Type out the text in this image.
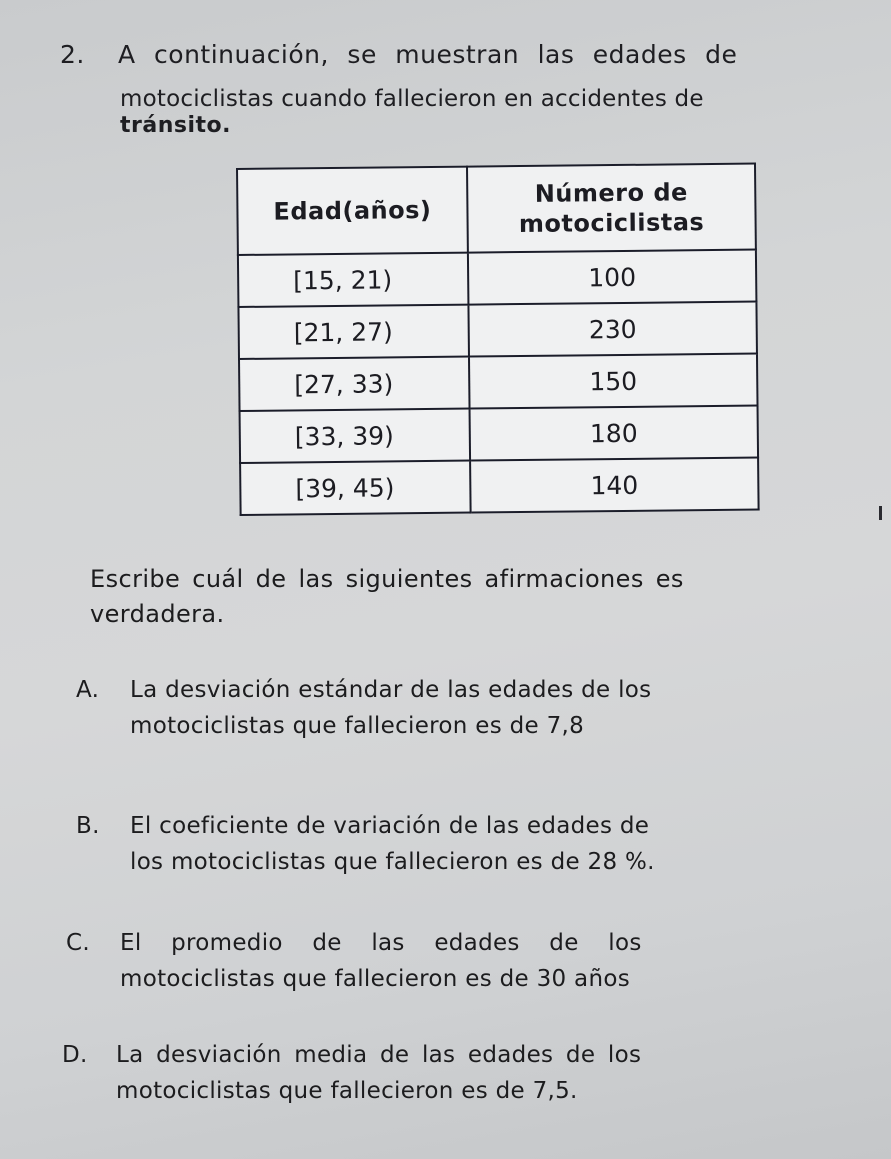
2. A continuación, se muestran las edades de
motociclistas cuando fallecieron en accidentes de
tránsito.
Edad(años)	Número de
motociclistas

[15, 21)	100
[21, 27)	230
[27, 33)	150
[33, 39)	180
[39, 45)	140
Escribe cuál de las siguientes afirmaciones es
verdadera.
A. La desviación estándar de las edades de los
motociclistas que fallecieron es de 7,8
B. El coeficiente de variación de las edades de
los motociclistas que fallecieron es de 28 %.
C. El promedio de las edades de los
motociclistas que fallecieron es de 30 años
D. La desviación media de las edades de los
motociclistas que fallecieron es de 7,5.
